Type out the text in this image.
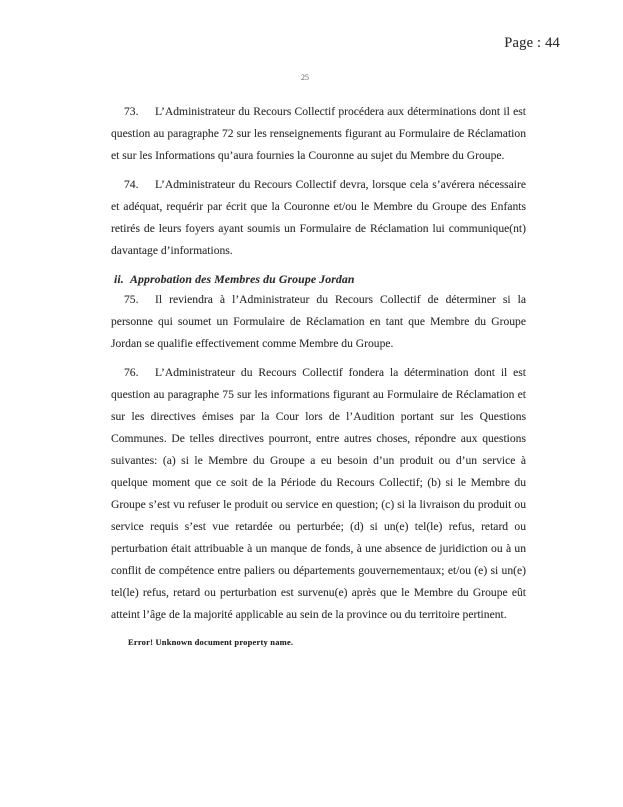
Page : 44
25

73. L’Administrateur du Recours Collectif procédera aux déterminations dont il est question au paragraphe 72 sur les renseignements figurant au Formulaire de Réclamation et sur les Informations qu’aura fournies la Couronne au sujet du Membre du Groupe.

74. L’Administrateur du Recours Collectif devra, lorsque cela s’avérera nécessaire et adéquat, requérir par écrit que la Couronne et/ou le Membre du Groupe des Enfants retirés de leurs foyers ayant soumis un Formulaire de Réclamation lui communique(nt) davantage d’informations.

ii. Approbation des Membres du Groupe Jordan

75. Il reviendra à l’Administrateur du Recours Collectif de déterminer si la personne qui soumet un Formulaire de Réclamation en tant que Membre du Groupe Jordan se qualifie effectivement comme Membre du Groupe.

76. L’Administrateur du Recours Collectif fondera la détermination dont il est question au paragraphe 75 sur les informations figurant au Formulaire de Réclamation et sur les directives émises par la Cour lors de l’Audition portant sur les Questions Communes. De telles directives pourront, entre autres choses, répondre aux questions suivantes: (a) si le Membre du Groupe a eu besoin d’un produit ou d’un service à quelque moment que ce soit de la Période du Recours Collectif; (b) si le Membre du Groupe s’est vu refuser le produit ou service en question; (c) si la livraison du produit ou service requis s’est vue retardée ou perturbée; (d) si un(e) tel(le) refus, retard ou perturbation était attribuable à un manque de fonds, à une absence de juridiction ou à un conflit de compétence entre paliers ou départements gouvernementaux; et/ou (e) si un(e) tel(le) refus, retard ou perturbation est survenu(e) après que le Membre du Groupe eût atteint l’âge de la majorité applicable au sein de la province ou du territoire pertinent.

Error! Unknown document property name.
